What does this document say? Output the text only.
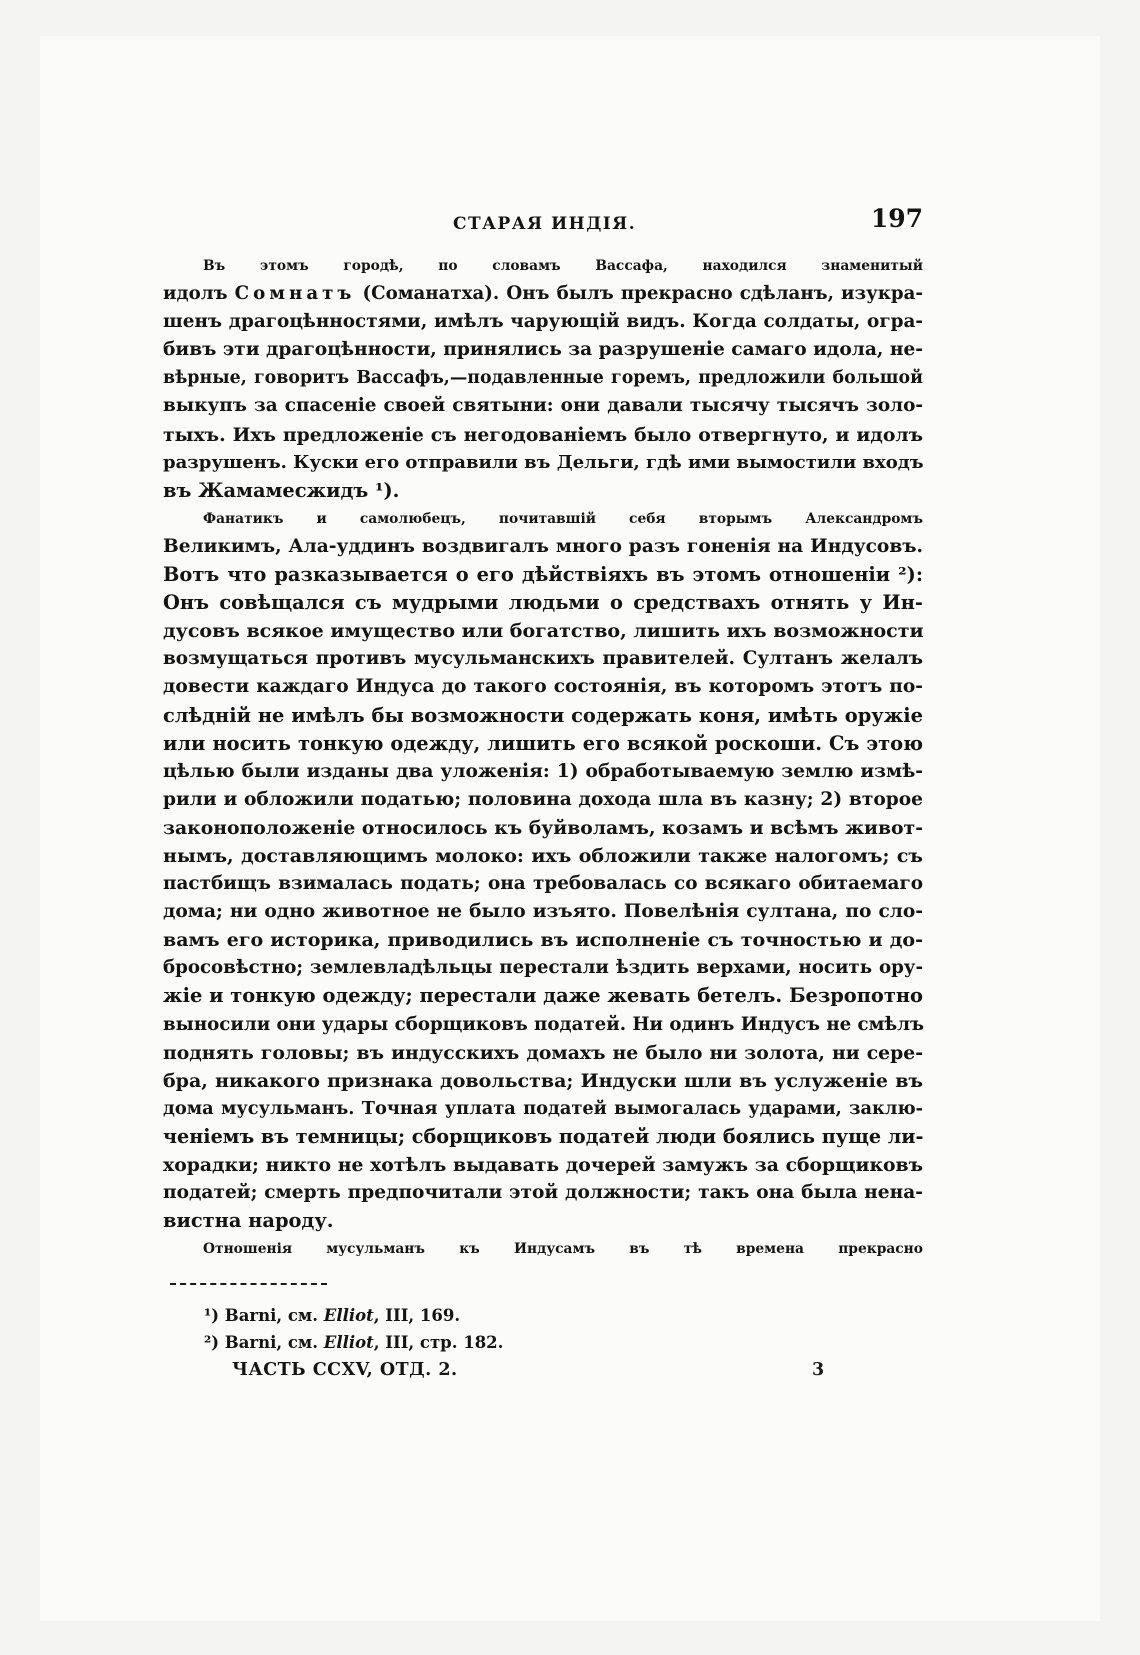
СТАРАЯ ИНДІЯ.	197
Въ этомъ городѣ, по словамъ Вассафа, находился знаменитый
идолъ Сомнатъ (Соманатха). Онъ былъ прекрасно сдѣланъ, изукра-
шенъ драгоцѣнностями, имѣлъ чарующій видъ. Когда солдаты, огра-
бивъ эти драгоцѣнности, принялись за разрушеніе самаго идола, не-
вѣрные, говоритъ Вассафъ,—подавленные горемъ, предложили большой
выкупъ за спасеніе своей святыни: они давали тысячу тысячъ золо-
тыхъ. Ихъ предложеніе съ негодованіемъ было отвергнуто, и идолъ
разрушенъ. Куски его отправили въ Дельги, гдѣ ими вымостили входъ
въ Жамамесжидъ ¹).
Фанатикъ и самолюбецъ, почитавшій себя вторымъ Александромъ
Великимъ, Ала-уддинъ воздвигалъ много разъ гоненія на Индусовъ.
Вотъ что разказывается о его дѣйствіяхъ въ этомъ отношеніи ²):
Онъ совѣщался съ мудрыми людьми о средствахъ отнять у Ин-
дусовъ всякое имущество или богатство, лишить ихъ возможности
возмущаться противъ мусульманскихъ правителей. Султанъ желалъ
довести каждаго Индуса до такого состоянія, въ которомъ этотъ по-
слѣдній не имѣлъ бы возможности содержать коня, имѣть оружіе
или носить тонкую одежду, лишить его всякой роскоши. Съ этою
цѣлью были изданы два уложенія: 1) обработываемую землю измѣ-
рили и обложили податью; половина дохода шла въ казну; 2) второе
законоположеніе относилось къ буйволамъ, козамъ и всѣмъ живот-
нымъ, доставляющимъ молоко: ихъ обложили также налогомъ; съ
пастбищъ взималась подать; она требовалась со всякаго обитаемаго
дома; ни одно животное не было изъято. Повелѣнія султана, по сло-
вамъ его историка, приводились въ исполненіе съ точностью и до-
бросовѣстно; землевладѣльцы перестали ѣздить верхами, носить ору-
жіе и тонкую одежду; перестали даже жевать бетелъ. Безропотно
выносили они удары сборщиковъ податей. Ни одинъ Индусъ не смѣлъ
поднять головы; въ индусскихъ домахъ не было ни золота, ни сере-
бра, никакого признака довольства; Индуски шли въ услуженіе въ
дома мусульманъ. Точная уплата податей вымогалась ударами, заклю-
ченіемъ въ темницы; сборщиковъ податей люди боялись пуще ли-
хорадки; никто не хотѣлъ выдавать дочерей замужъ за сборщиковъ
податей; смерть предпочитали этой должности; такъ она была нена-
вистна народу.
Отношенія мусульманъ къ Индусамъ въ тѣ времена прекрасно
¹) Barni, см. Elliot, III, 169.
²) Barni, см. Elliot, III, стр. 182.
ЧАСТЬ ССХV, ОТД. 2.	3
